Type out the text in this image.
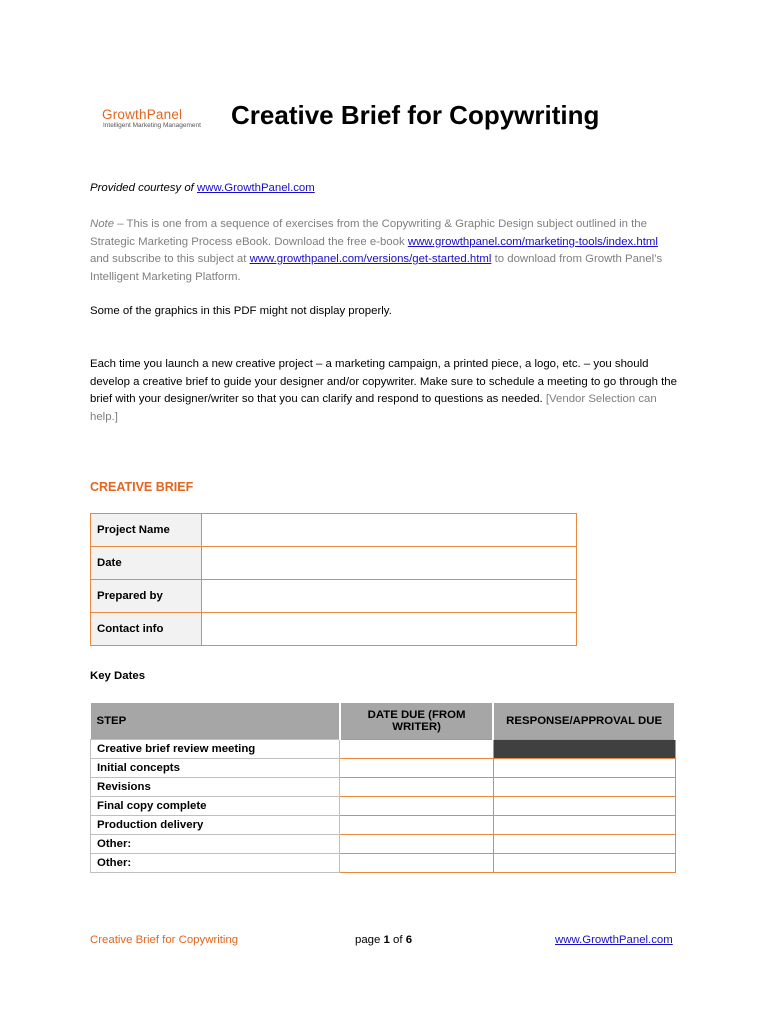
GrowthPanel
Intelligent Marketing Management	Creative Brief for Copywriting
Provided courtesy of www.GrowthPanel.com
Note – This is one from a sequence of exercises from the Copywriting & Graphic Design subject outlined in the Strategic Marketing Process eBook. Download the free e-book www.growthpanel.com/marketing-tools/index.html and subscribe to this subject at www.growthpanel.com/versions/get-started.html to download from Growth Panel’s Intelligent Marketing Platform.
Some of the graphics in this PDF might not display properly.
Each time you launch a new creative project – a marketing campaign, a printed piece, a logo, etc. – you should develop a creative brief to guide your designer and/or copywriter. Make sure to schedule a meeting to go through the brief with your designer/writer so that you can clarify and respond to questions as needed. [Vendor Selection can help.]
CREATIVE BRIEF
Project Name	
Date	
Prepared by	
Contact info	
Key Dates
STEP	DATE DUE (FROM WRITER)	RESPONSE/APPROVAL DUE
Creative brief review meeting		
Initial concepts		
Revisions		
Final copy complete		
Production delivery		
Other:		
Other:		
Creative Brief for Copywriting	page 1 of 6	www.GrowthPanel.com
